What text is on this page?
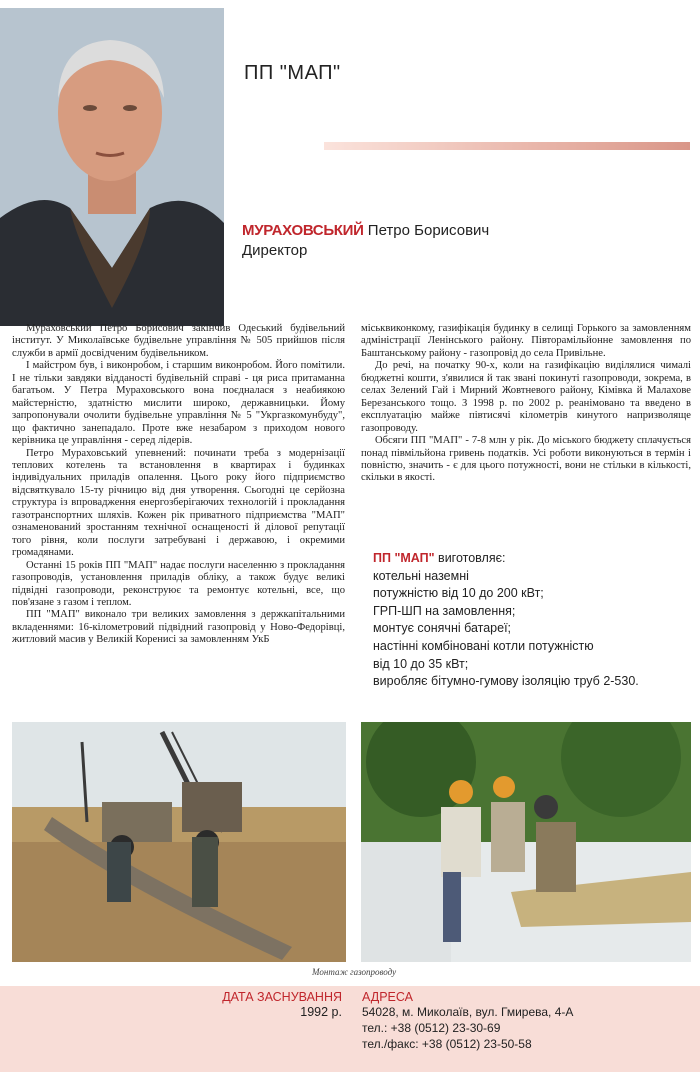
ПП "МАП"
МУРАХОВСЬКИЙ Петро Борисович
Директор

Мураховський Петро Борисович закінчив Одеський будівельний інститут. У Миколаївське будівельне управління № 505 прийшов після служби в армії досвідченим будівельником.

І майстром був, і виконробом, і старшим виконробом. Його помітили. І не тільки завдяки відданості будівельній справі - ця риса притаманна багатьом. У Петра Мураховського вона поєдналася з неабиякою майстерністю, здатністю мислити широко, державницьки. Йому запропонували очолити будівельне управління № 5 "Укргазкомунбуду", що фактично занепадало. Проте вже незабаром з приходом нового керівника це управління - серед лідерів.

Петро Мураховський упевнений: починати треба з модернізації теплових котелень та встановлення в квартирах і будинках індивідуальних приладів опалення. Цього року його підприємство відсвяткувало 15-ту річницю від дня утворення. Сьогодні це серйозна структура із впровадження енергозберігаючих технологій і прокладання газотранспортних шляхів. Кожен рік приватного підприємства "МАП" ознаменований зростанням технічної оснащеності й ділової репутації того рівня, коли послуги затребувані і державою, і окремими громадянами.

Останні 15 років ПП "МАП" надає послуги населенню з прокладання газопроводів, установлення приладів обліку, а також будує великі підвідні газопроводи, реконструює та ремонтує котельні, все, що пов'язане з газом і теплом.

ПП "МАП" виконало три великих замовлення з держкапітальними вкладеннями: 16-кілометровий підвідний газопровід у Ново-Федорівці, житловий масив у Великій Коренисі за замовленням УкБ

міськвиконкому, газифікація будинку в селищі Горького за замовленням адміністрації Ленінського району. Півторамільйонне замовлення по Баштанському району - газопровід до села Привільне.

До речі, на початку 90-х, коли на газифікацію виділялися чималі бюджетні кошти, з'явилися й так звані покинуті газопроводи, зокрема, в селах Зелений Гай і Мирний Жовтневого району, Кімівка й Малахове Березанського тощо. З 1998 р. по 2002 р. реанімовано та введено в експлуатацію майже півтисячі кілометрів кинутого напризволяще газопроводу.

Обсяги ПП "МАП" - 7-8 млн у рік. До міського бюджету сплачується понад півмільйона гривень податків. Усі роботи виконуються в термін і повністю, значить - є для цього потужності, вони не стільки в кількості, скільки в якості.

ПП "МАП" виготовляє:
котельні наземні
потужністю від 10 до 200 кВт;
ГРП-ШП на замовлення;
монтує сонячні батареї;
настінні комбіновані котли потужністю
від 10 до 35 кВт;
виробляє бітумно-гумову ізоляцію труб 2-530.
Монтаж газопроводу
ДАТА ЗАСНУВАННЯ
1992 р.
АДРЕСА
54028, м. Миколаїв, вул. Гмирева, 4-А
тел.: +38 (0512) 23-30-69
тел./факс: +38 (0512) 23-50-58
